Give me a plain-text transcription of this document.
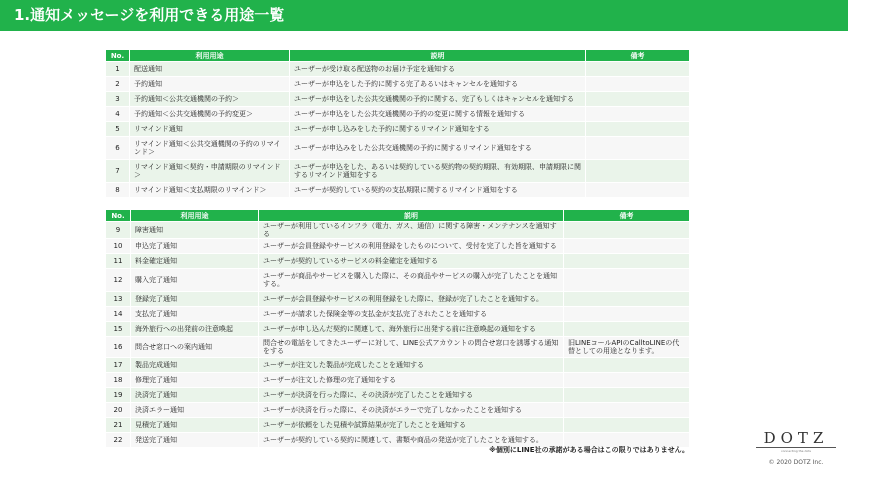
1.通知メッセージを利用できる用途一覧
No.	利用用途	説明	備考
1	配送通知	ユーザーが受け取る配送物のお届け予定を通知する	
2	予約通知	ユーザーが申込をした予約に関する完了あるいはキャンセルを通知する	
3	予約通知＜公共交通機関の予約＞	ユーザーが申込をした公共交通機関の予約に関する、完了もしくはキャンセルを通知する	
4	予約通知＜公共交通機関の予約変更＞	ユーザーが申込をした公共交通機関の予約の変更に関する情報を通知する	
5	リマインド通知	ユーザーが申し込みをした予約に関するリマインド通知をする	
6	リマインド通知＜公共交通機関の予約のリマインド＞	ユーザーが申込みをした公共交通機関の予約に関するリマインド通知をする	
7	リマインド通知＜契約・申請期限のリマインド＞	ユーザーが申込をした、あるいは契約している契約物の契約期限、有効期限、申請期限に関するリマインド通知をする	
8	リマインド通知＜支払期限のリマインド＞	ユーザーが契約している契約の支払期限に関するリマインド通知をする	
No.	利用用途	説明	備考
9	障害通知	ユーザーが利用しているインフラ（電力、ガス、通信）に関する障害・メンテナンスを通知する	
10	申込完了通知	ユーザーが会員登録やサービスの利用登録をしたものについて、受付を完了した旨を通知する	
11	料金確定通知	ユーザーが契約しているサービスの料金確定を通知する	
12	購入完了通知	ユーザーが商品やサービスを購入した際に、その商品やサービスの購入が完了したことを通知する。	
13	登録完了通知	ユーザーが会員登録やサービスの利用登録をした際に、登録が完了したことを通知する。	
14	支払完了通知	ユーザーが請求した保険金等の支払金が支払完了されたことを通知する	
15	海外旅行への出発前の注意喚起	ユーザーが申し込んだ契約に関連して、海外旅行に出発する前に注意喚起の通知をする	
16	問合せ窓口への案内通知	問合せの電話をしてきたユーザーに対して、LINE公式アカウントの問合せ窓口を誘導する通知をする	旧LINEコールAPIのCalltoLINEの代替としての用途となります。
17	製品完成通知	ユーザーが注文した製品が完成したことを通知する	
18	修理完了通知	ユーザーが注文した修理の完了通知をする	
19	決済完了通知	ユーザーが決済を行った際に、その決済が完了したことを通知する	
20	決済エラー通知	ユーザーが決済を行った際に、その決済がエラーで完了しなかったことを通知する	
21	見積完了通知	ユーザーが依頼をした見積や試算結果が完了したことを通知する	
22	発送完了通知	ユーザーが契約している契約に関連して、書類や商品の発送が完了したことを通知する。	
※個別にLINE社の承諾がある場合はこの限りではありません。
DOTZ
connecting the dots
© 2020 DOTZ Inc.
